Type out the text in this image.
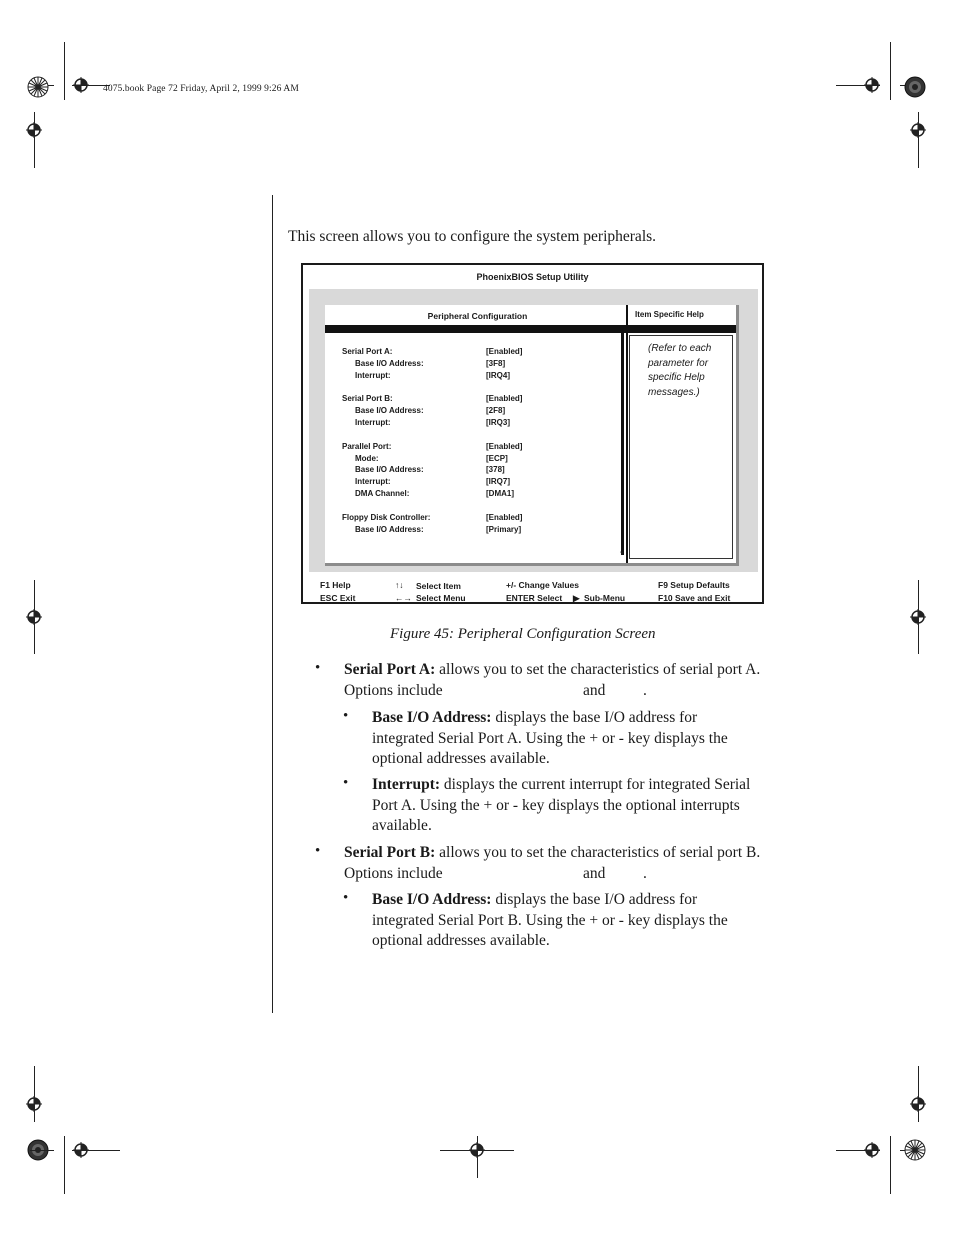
4075.book Page 72 Friday, April 2, 1999 9:26 AM
This screen allows you to configure the system peripherals.
PhoenixBIOS Setup Utility
Peripheral Configuration	Item Specific Help
▼
(Refer to each
parameter for
specific Help
messages.)
Serial Port A:	[Enabled]
Base I/O Address:	[3F8]
Interrupt:	[IRQ4]
Serial Port B:	[Enabled]
Base I/O Address:	[2F8]
Interrupt:	[IRQ3]
Parallel Port:	[Enabled]
Mode:	[ECP]
Base I/O Address:	[378]
Interrupt:	[IRQ7]
DMA Channel:	[DMA1]
Floppy Disk Controller:	[Enabled]
Base I/O Address:	[Primary]
F1 Help
ESC Exit
↑↓ Select Item
←→ Select Menu
+/- Change Values
ENTER Select ▶ Sub-Menu
F9 Setup Defaults
F10 Save and Exit
Figure 45: Peripheral Configuration Screen
• Serial Port A: allows you to set the characteristics of serial port A.
Options include	and .
• Base I/O Address: displays the base I/O address for
integrated Serial Port A. Using the + or - key displays the
optional addresses available.
• Interrupt: displays the current interrupt for integrated Serial
Port A. Using the + or - key displays the optional interrupts
available.
• Serial Port B: allows you to set the characteristics of serial port B.
Options include	and .
• Base I/O Address: displays the base I/O address for
integrated Serial Port B. Using the + or - key displays the
optional addresses available.
